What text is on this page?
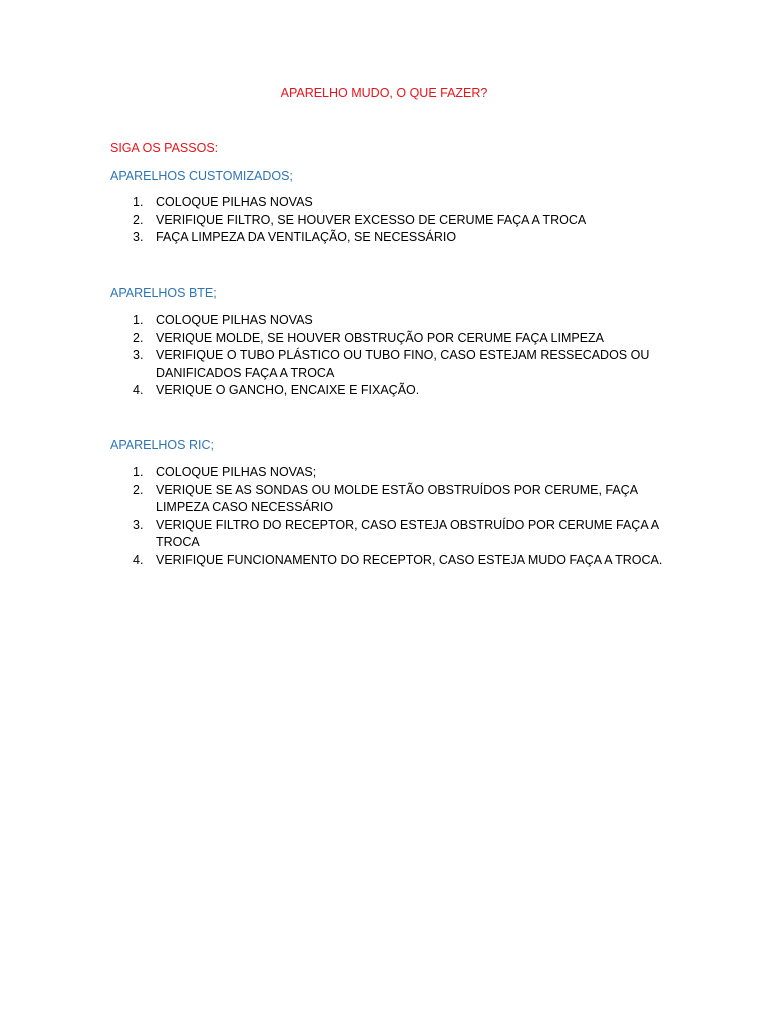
APARELHO MUDO, O QUE FAZER?
SIGA OS PASSOS:
APARELHOS CUSTOMIZADOS;
1. COLOQUE PILHAS NOVAS
2. VERIFIQUE FILTRO, SE HOUVER EXCESSO DE CERUME FAÇA A TROCA
3. FAÇA LIMPEZA DA VENTILAÇÃO, SE NECESSÁRIO
APARELHOS BTE;
1. COLOQUE PILHAS NOVAS
2. VERIQUE MOLDE, SE HOUVER OBSTRUÇÃO POR CERUME FAÇA LIMPEZA
3. VERIFIQUE O TUBO PLÁSTICO OU TUBO FINO, CASO ESTEJAM RESSECADOS OU DANIFICADOS FAÇA A TROCA
4. VERIQUE O GANCHO, ENCAIXE E FIXAÇÃO.
APARELHOS RIC;
1. COLOQUE PILHAS NOVAS;
2. VERIQUE SE AS SONDAS OU MOLDE ESTÃO OBSTRUÍDOS POR CERUME, FAÇA LIMPEZA CASO NECESSÁRIO
3. VERIQUE FILTRO DO RECEPTOR, CASO ESTEJA OBSTRUÍDO POR CERUME FAÇA A TROCA
4. VERIFIQUE FUNCIONAMENTO DO RECEPTOR, CASO ESTEJA MUDO FAÇA A TROCA.
